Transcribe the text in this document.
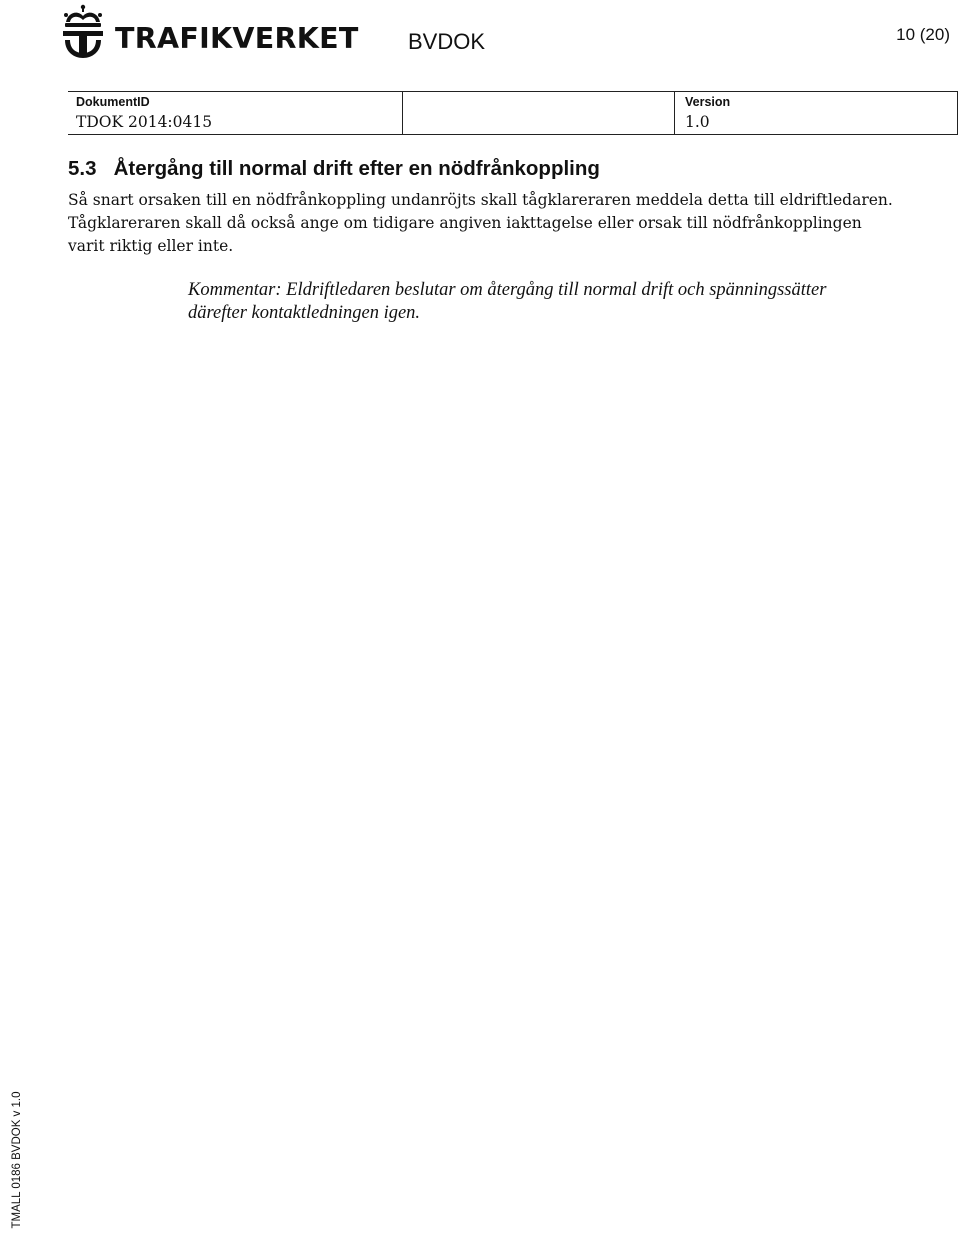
TRAFIKVERKET BVDOK	10 (20)
DokumentID
TDOK 2014:0415
Version
1.0
5.3   Återgång till normal drift efter en nödfrånkoppling

Så snart orsaken till en nödfrånkoppling undanröjts skall tågklareraren meddela detta till eldriftledaren. Tågklareraren skall då också ange om tidigare angiven iakttagelse eller orsak till nödfrånkopplingen varit riktig eller inte.

Kommentar: Eldriftledaren beslutar om återgång till normal drift och spänningssätter därefter kontaktledningen igen.

TMALL 0186 BVDOK v 1.0
